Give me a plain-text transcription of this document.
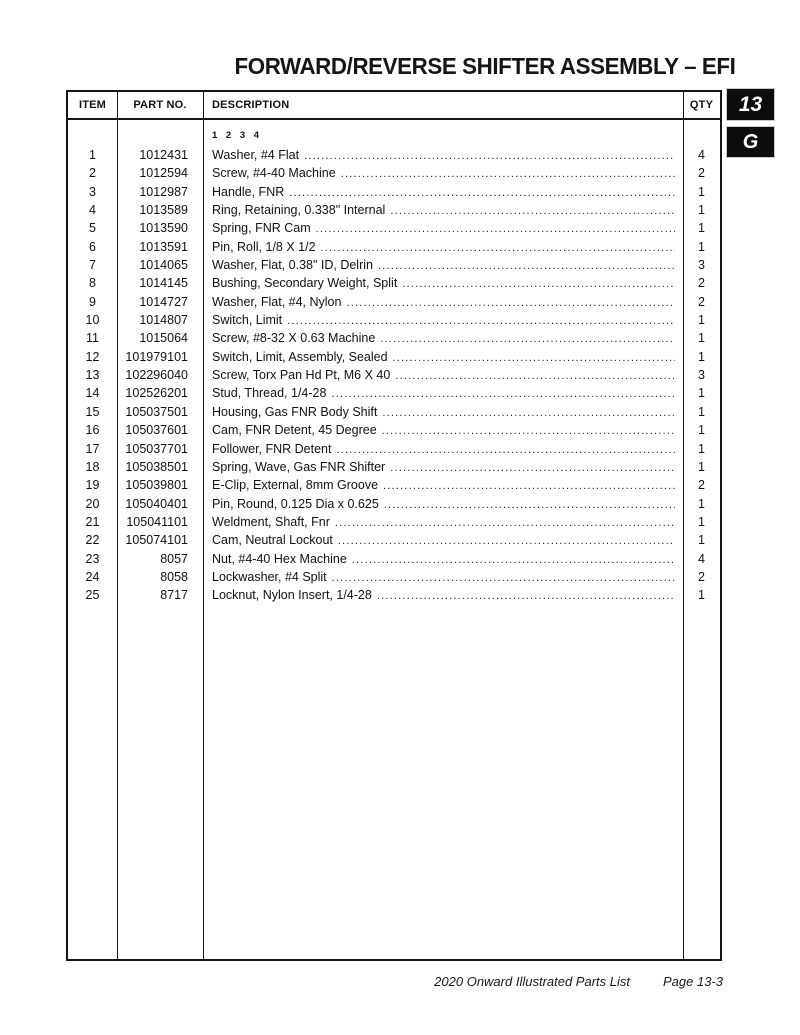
FORWARD/REVERSE SHIFTER ASSEMBLY – EFI
13
G
ITEM	PART NO.	DESCRIPTION	QTY
1 2 3 4
1	1012431	Washer, #4 Flat .....	4
2	1012594	Screw, #4-40 Machine .....	2
3	1012987	Handle, FNR .....	1
4	1013589	Ring, Retaining, 0.338" Internal .....	1
5	1013590	Spring, FNR Cam .....	1
6	1013591	Pin, Roll, 1/8 X 1/2 .....	1
7	1014065	Washer, Flat, 0.38" ID, Delrin .....	3
8	1014145	Bushing, Secondary Weight, Split .....	2
9	1014727	Washer, Flat, #4, Nylon .....	2
10	1014807	Switch, Limit .....	1
11	1015064	Screw, #8-32 X 0.63 Machine .....	1
12	101979101	Switch, Limit, Assembly, Sealed .....	1
13	102296040	Screw, Torx Pan Hd Pt, M6 X 40 .....	3
14	102526201	Stud, Thread, 1/4-28 .....	1
15	105037501	Housing, Gas FNR Body Shift .....	1
16	105037601	Cam, FNR Detent, 45 Degree .....	1
17	105037701	Follower, FNR Detent .....	1
18	105038501	Spring, Wave, Gas FNR Shifter .....	1
19	105039801	E-Clip, External, 8mm Groove .....	2
20	105040401	Pin, Round, 0.125 Dia x 0.625 .....	1
21	105041101	Weldment, Shaft, Fnr .....	1
22	105074101	Cam, Neutral Lockout .....	1
23	8057	Nut, #4-40 Hex Machine .....	4
24	8058	Lockwasher, #4 Split .....	2
25	8717	Locknut, Nylon Insert, 1/4-28 .....	1
2020 Onward Illustrated Parts List	Page 13-3
